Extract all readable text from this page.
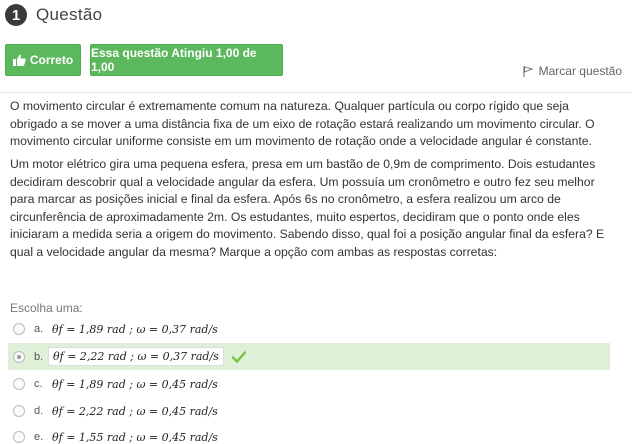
1 Questão
Correto Essa questão Atingiu 1,00 de 1,00	Marcar questão

O movimento circular é extremamente comum na natureza. Qualquer partícula ou corpo rígido que seja obrigado a se mover a uma distância fixa de um eixo de rotação estará realizando um movimento circular. O movimento circular uniforme consiste em um movimento de rotação onde a velocidade angular é constante.

Um motor elétrico gira uma pequena esfera, presa em um bastão de 0,9m de comprimento. Dois estudantes decidiram descobrir qual a velocidade angular da esfera. Um possuía um cronômetro e outro fez seu melhor para marcar as posições inicial e final da esfera. Após 6s no cronômetro, a esfera realizou um arco de circunferência de aproximadamente 2m. Os estudantes, muito espertos, decidiram que o ponto onde eles iniciaram a medida seria a origem do movimento. Sabendo disso, qual foi a posição angular final da esfera? E qual a velocidade angular da mesma? Marque a opção com ambas as respostas corretas:

Escolha uma:
a. θf = 1,89 rad ; ω = 0,37 rad/s
b. θf = 2,22 rad ; ω = 0,37 rad/s
c. θf = 1,89 rad ; ω = 0,45 rad/s
d. θf = 2,22 rad ; ω = 0,45 rad/s
e. θf = 1,55 rad ; ω = 0,45 rad/s
